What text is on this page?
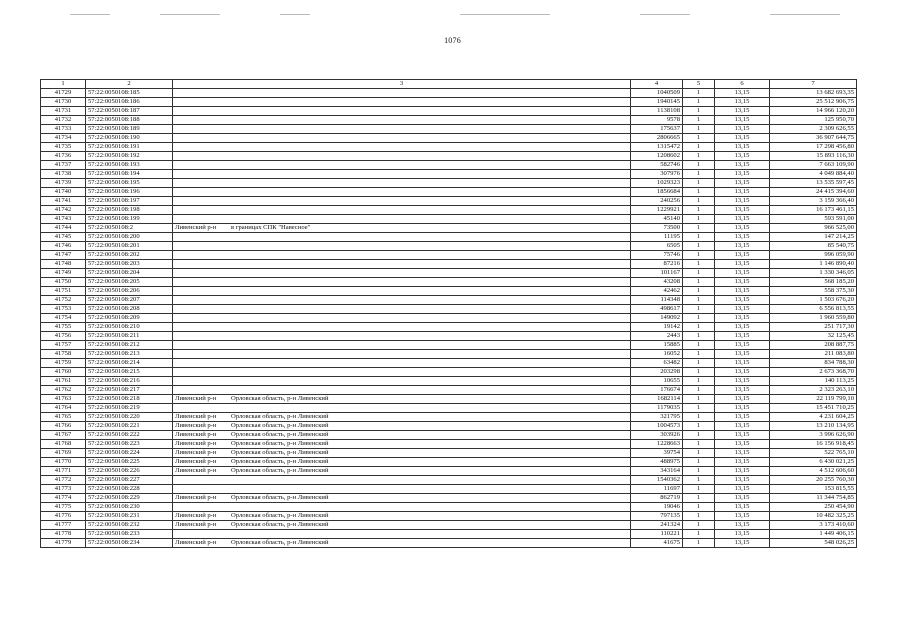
1076
1	2	3	4	5	6	7
41729	57:22:0050108:185		1040509	1	13,15	13 682 693,35
41730	57:22:0050108:186		1940145	1	13,15	25 512 906,75
41731	57:22:0050108:187		1138108	1	13,15	14 966 120,20
41732	57:22:0050108:188		9578	1	13,15	125 950,70
41733	57:22:0050108:189		175637	1	13,15	2 309 626,55
41734	57:22:0050108:190		2806665	1	13,15	36 907 644,75
41735	57:22:0050108:191		1315472	1	13,15	17 298 456,80
41736	57:22:0050108:192		1208602	1	13,15	15 893 116,30
41737	57:22:0050108:193		582746	1	13,15	7 663 109,90
41738	57:22:0050108:194		307976	1	13,15	4 049 884,40
41739	57:22:0050108:195		1029323	1	13,15	13 535 597,45
41740	57:22:0050108:196		1856684	1	13,15	24 415 394,60
41741	57:22:0050108:197		240256	1	13,15	3 159 366,40
41742	57:22:0050108:198		1229921	1	13,15	16 173 461,15
41743	57:22:0050108:199		45140	1	13,15	593 591,00
41744	57:22:0050108:2	Ливенский р-н в границах СПК "Навесное"	73500	1	13,15	966 525,00
41745	57:22:0050108:200		11195	1	13,15	147 214,25
41746	57:22:0050108:201		6505	1	13,15	85 540,75
41747	57:22:0050108:202		75746	1	13,15	996 059,90
41748	57:22:0050108:203		87216	1	13,15	1 146 890,40
41749	57:22:0050108:204		101167	1	13,15	1 330 346,05
41750	57:22:0050108:205		43208	1	13,15	568 185,20
41751	57:22:0050108:206		42462	1	13,15	558 375,30
41752	57:22:0050108:207		114348	1	13,15	1 503 676,20
41753	57:22:0050108:208		498617	1	13,15	6 556 813,55
41754	57:22:0050108:209		149092	1	13,15	1 960 559,80
41755	57:22:0050108:210		19142	1	13,15	251 717,30
41756	57:22:0050108:211		2443	1	13,15	32 125,45
41757	57:22:0050108:212		15885	1	13,15	208 887,75
41758	57:22:0050108:213		16052	1	13,15	211 083,80
41759	57:22:0050108:214		63482	1	13,15	834 788,30
41760	57:22:0050108:215		203298	1	13,15	2 673 368,70
41761	57:22:0050108:216		10655	1	13,15	140 113,25
41762	57:22:0050108:217		176674	1	13,15	2 323 263,10
41763	57:22:0050108:218	Ливенский р-н Орловская область, р-н Ливенский	1682114	1	13,15	22 119 799,10
41764	57:22:0050108:219		1179035	1	13,15	15 451 710,25
41765	57:22:0050108:220	Ливенский р-н Орловская область, р-н Ливенский	321795	1	13,15	4 231 604,25
41766	57:22:0050108:221	Ливенский р-н Орловская область, р-н Ливенский	1004573	1	13,15	13 210 134,95
41767	57:22:0050108:222	Ливенский р-н Орловская область, р-н Ливенский	303926	1	13,15	3 996 626,90
41768	57:22:0050108:223	Ливенский р-н Орловская область, р-н Ливенский	1228663	1	13,15	16 156 918,45
41769	57:22:0050108:224	Ливенский р-н Орловская область, р-н Ливенский	39754	1	13,15	522 765,10
41770	57:22:0050108:225	Ливенский р-н Орловская область, р-н Ливенский	488975	1	13,15	6 430 021,25
41771	57:22:0050108:226	Ливенский р-н Орловская область, р-н Ливенский	343164	1	13,15	4 512 606,60
41772	57:22:0050108:227		1540362	1	13,15	20 255 760,30
41773	57:22:0050108:228		11697	1	13,15	153 815,55
41774	57:22:0050108:229	Ливенский р-н Орловская область, р-н Ливенский	862719	1	13,15	11 344 754,85
41775	57:22:0050108:230		19046	1	13,15	250 454,90
41776	57:22:0050108:231	Ливенский р-н Орловская область, р-н Ливенский	797135	1	13,15	10 482 325,25
41777	57:22:0050108:232	Ливенский р-н Орловская область, р-н Ливенский	241324	1	13,15	3 173 410,60
41778	57:22:0050108:233		110221	1	13,15	1 449 406,15
41779	57:22:0050108:234	Ливенский р-н Орловская область, р-н Ливенский	41675	1	13,15	548 026,25
